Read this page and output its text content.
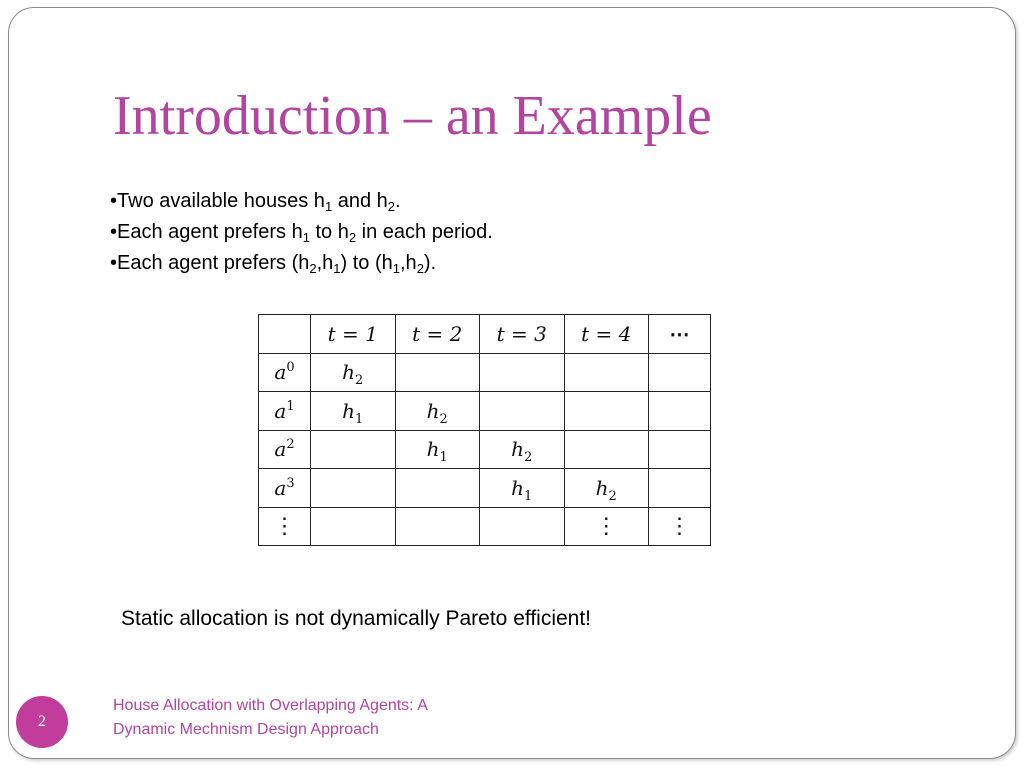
Introduction – an Example
•Two available houses $h_1$ and $h_2$.
•Each agent prefers $h_1$ to $h_2$ in each period.
•Each agent prefers $(h_2,h_1)$ to $(h_1,h_2)$.
	t = 1	t = 2	t = 3	t = 4	⋯
$a^0$	$h_2$				
$a^1$	$h_1$	$h_2$			
$a^2$		$h_1$	$h_2$		
$a^3$			$h_1$	$h_2$	
⋮				⋮	⋮

Static allocation is not dynamically Pareto efficient!

2
House Allocation with Overlapping Agents: A
Dynamic Mechnism Design Approach
